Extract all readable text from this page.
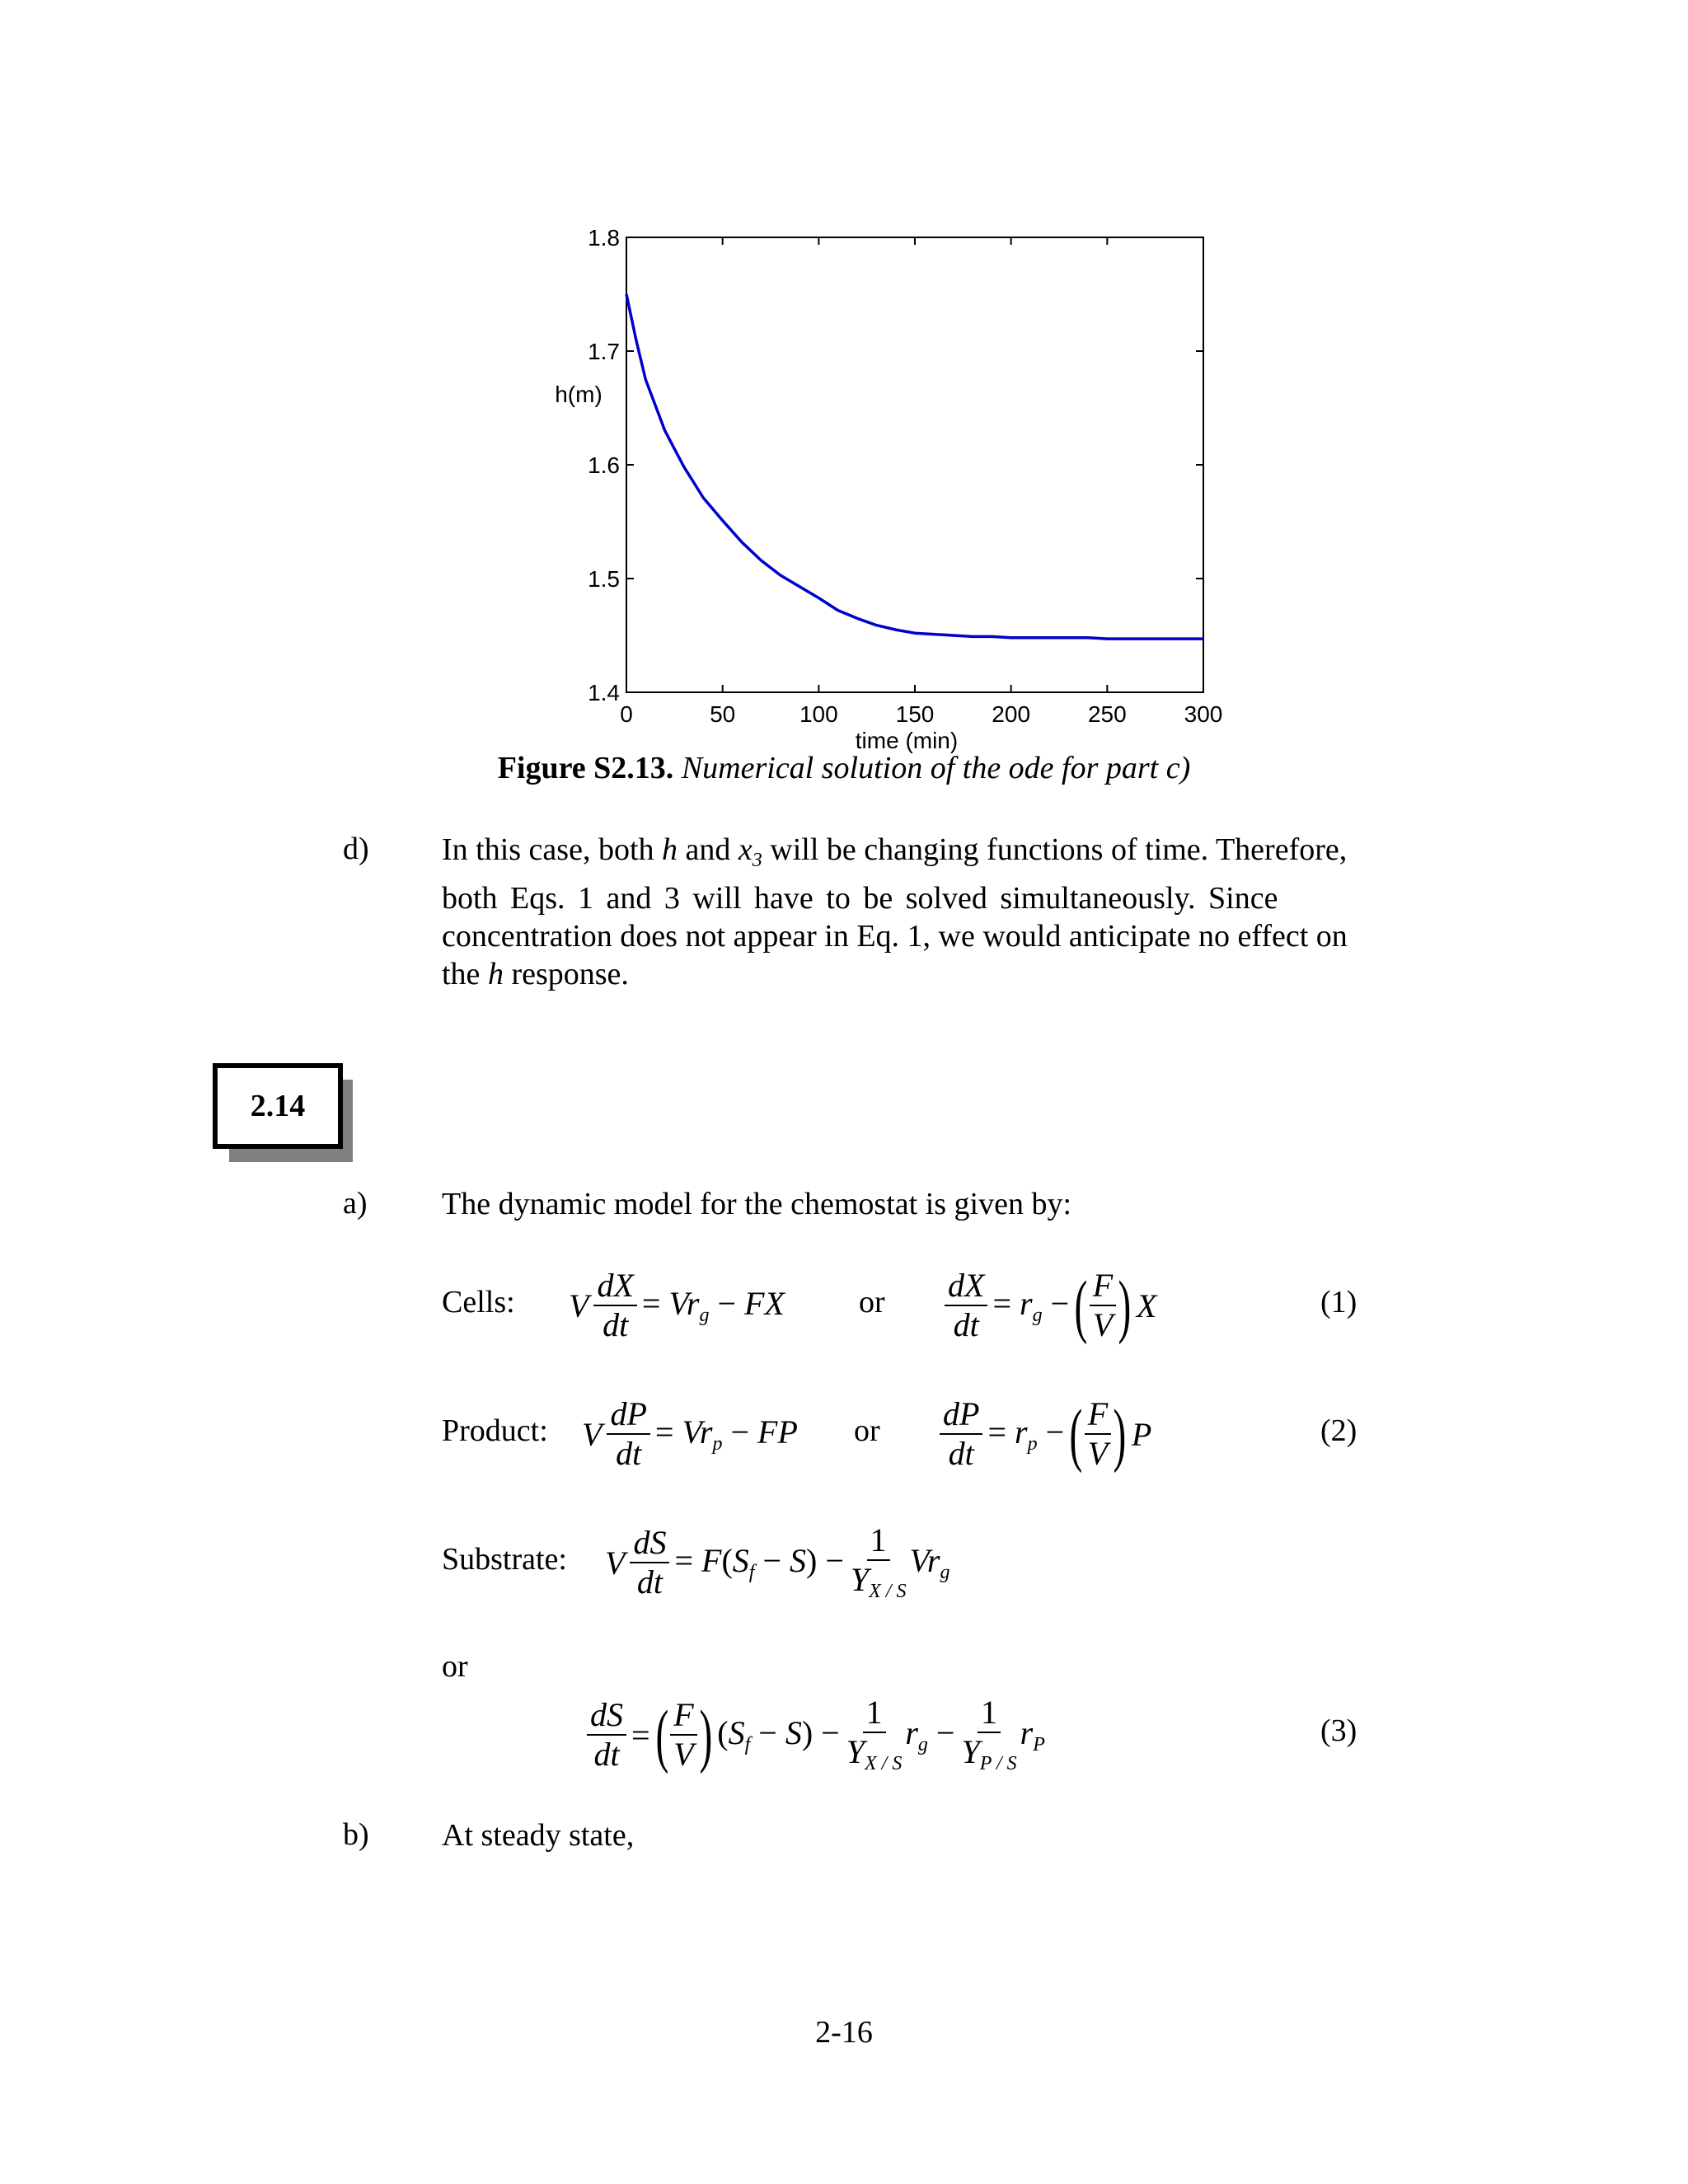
0	50	100 150 200 250 300
1.4
1.5
1.6
1.7
1.8
time (min)
h(m)
Figure S2.13. Numerical solution of the ode for part c)
d) In this case, both h and $x_3$ will be changing functions of time. Therefore,
both Eqs. 1 and 3 will have to be solved simultaneously. Since
concentration does not appear in Eq. 1, we would anticipate no effect on
the h response.
2.14
a) The dynamic model for the chemostat is given by:
Cells: V $\frac{dX}{dt} = Vr_g$ − FX or $\frac{dX}{dt} = r_g$ − ( $\frac{F}{V}$ ) X	(1)
Product: V $\frac{dP}{dt} = Vr_p$ − FP or $\frac{dP}{dt} = r_p$ − ( $\frac{F}{V}$ ) P	(2)
Substrate: V $\frac{dS}{dt} = F(S_f - S) - \frac{1}{Y_{X / S}} Vr_g$
or
$\frac{dS}{dt}$ = ( $\frac{F}{V}$ ) $(S_f - S) - \frac{1}{Y_{X / S}} r_g - \frac{1}{Y_{P / S}} r_P$	(3)
b) At steady state,
2-16
